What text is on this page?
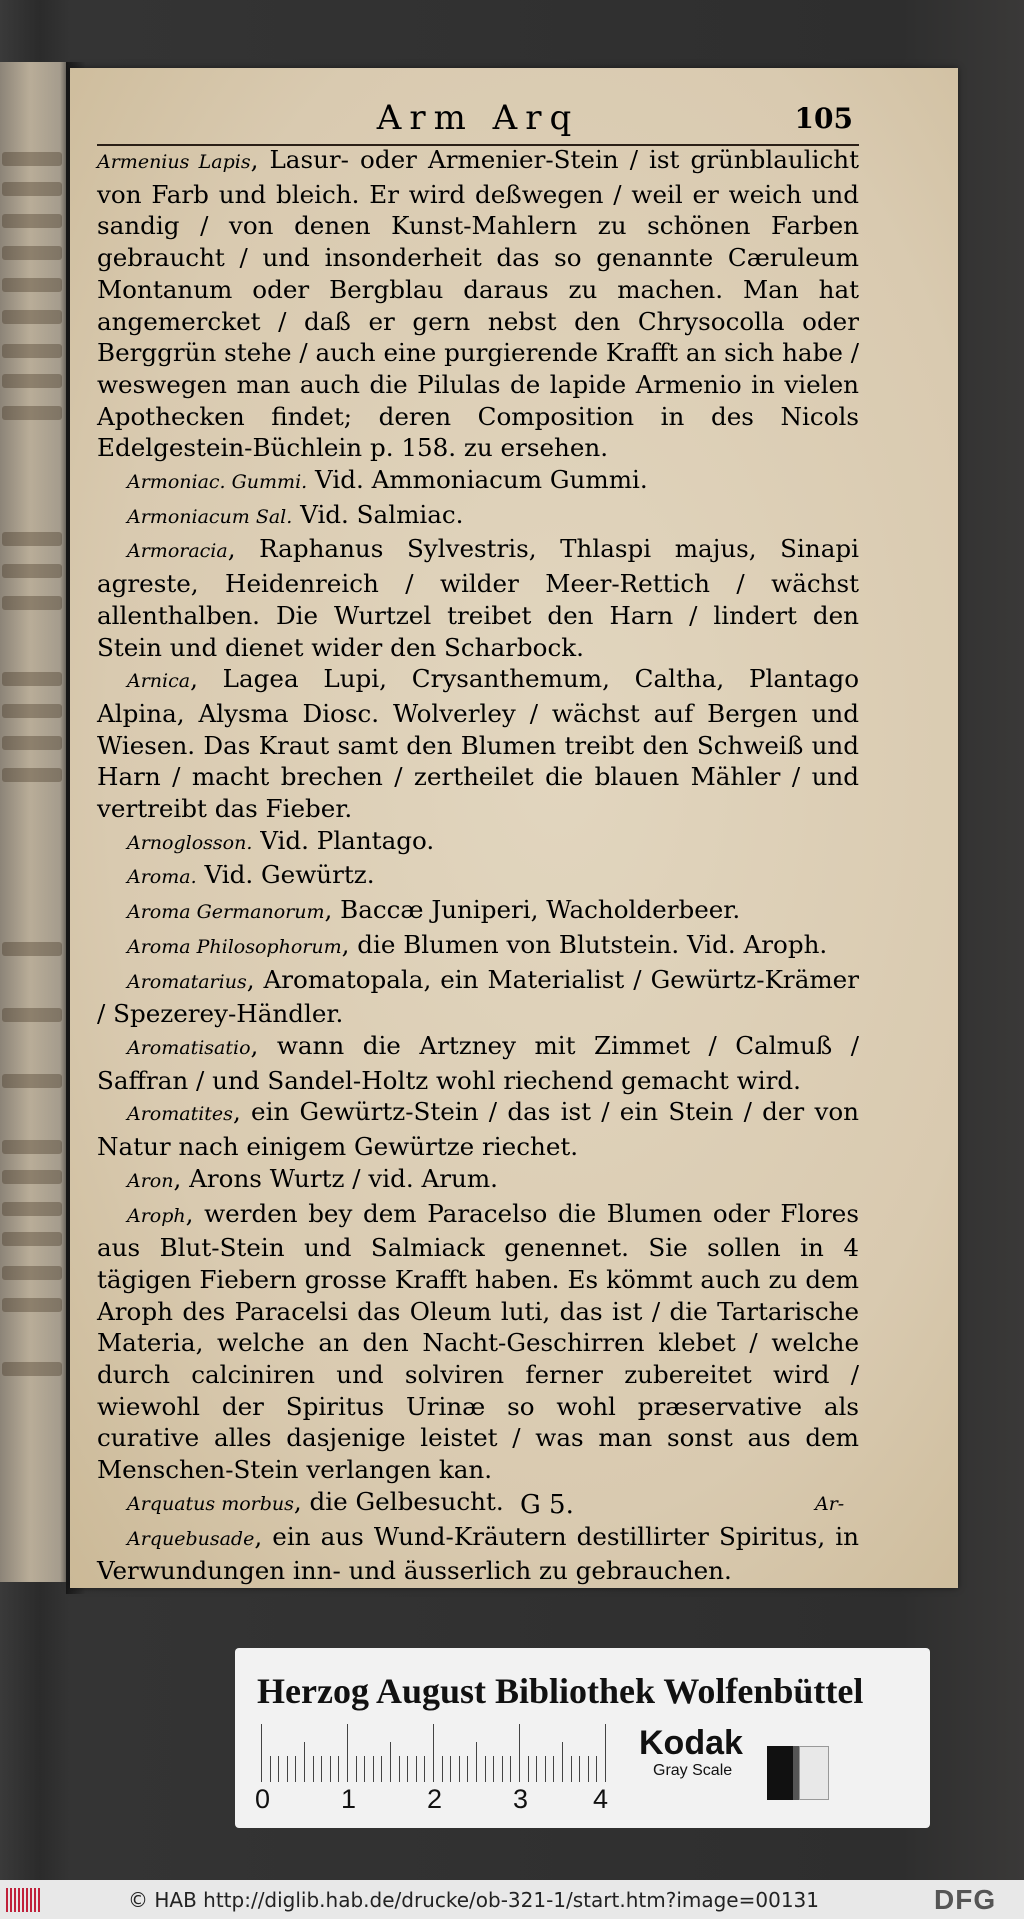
Arm Arq	105

Armenius Lapis, Lasur- oder Armenier-Stein / ist grünblaulicht von Farb und bleich. Er wird deßwegen / weil er weich und sandig / von denen Kunst-Mahlern zu schönen Farben gebraucht / und insonderheit das so genannte Cæruleum Montanum oder Bergblau daraus zu machen. Man hat angemercket / daß er gern nebst den Chrysocolla oder Berggrün stehe / auch eine purgierende Krafft an sich habe / weswegen man auch die Pilulas de lapide Armenio in vielen Apothecken findet; deren Composition in des Nicols Edelgestein-Büchlein p. 158. zu ersehen.

Armoniac. Gummi. Vid. Ammoniacum Gummi.

Armoniacum Sal. Vid. Salmiac.

Armoracia, Raphanus Sylvestris, Thlaspi majus, Sinapi agreste, Heidenreich / wilder Meer-Rettich / wächst allenthalben. Die Wurtzel treibet den Harn / lindert den Stein und dienet wider den Scharbock.

Arnica, Lagea Lupi, Crysanthemum, Caltha, Plantago Alpina, Alysma Diosc. Wolverley / wächst auf Bergen und Wiesen. Das Kraut samt den Blumen treibt den Schweiß und Harn / macht brechen / zertheilet die blauen Mähler / und vertreibt das Fieber.

Arnoglosson. Vid. Plantago.

Aroma. Vid. Gewürtz.

Aroma Germanorum, Baccæ Juniperi, Wacholderbeer.

Aroma Philosophorum, die Blumen von Blutstein. Vid. Aroph.

Aromatarius, Aromatopala, ein Materialist / Gewürtz-Krämer / Spezerey-Händler.

Aromatisatio, wann die Artzney mit Zimmet / Calmuß / Saffran / und Sandel-Holtz wohl riechend gemacht wird.

Aromatites, ein Gewürtz-Stein / das ist / ein Stein / der von Natur nach einigem Gewürtze riechet.

Aron, Arons Wurtz / vid. Arum.

Aroph, werden bey dem Paracelso die Blumen oder Flores aus Blut-Stein und Salmiack genennet. Sie sollen in 4 tägigen Fiebern grosse Krafft haben. Es kömmt auch zu dem Aroph des Paracelsi das Oleum luti, das ist / die Tartarische Materia, welche an den Nacht-Geschirren klebet / welche durch calciniren und solviren ferner zubereitet wird / wiewohl der Spiritus Urinæ so wohl præservative als curative alles dasjenige leistet / was man sonst aus dem Menschen-Stein verlangen kan.

Arquatus morbus, die Gelbesucht.

Arquebusade, ein aus Wund-Kräutern destillirter Spiritus, in Verwundungen inn- und äusserlich zu gebrauchen.

G 5.	Ar-
Herzog August Bibliothek Wolfenbüttel
0	1	2	3 4
Kodak
Gray Scale
© HAB http://diglib.hab.de/drucke/ob-321-1/start.htm?image=00131	DFG
